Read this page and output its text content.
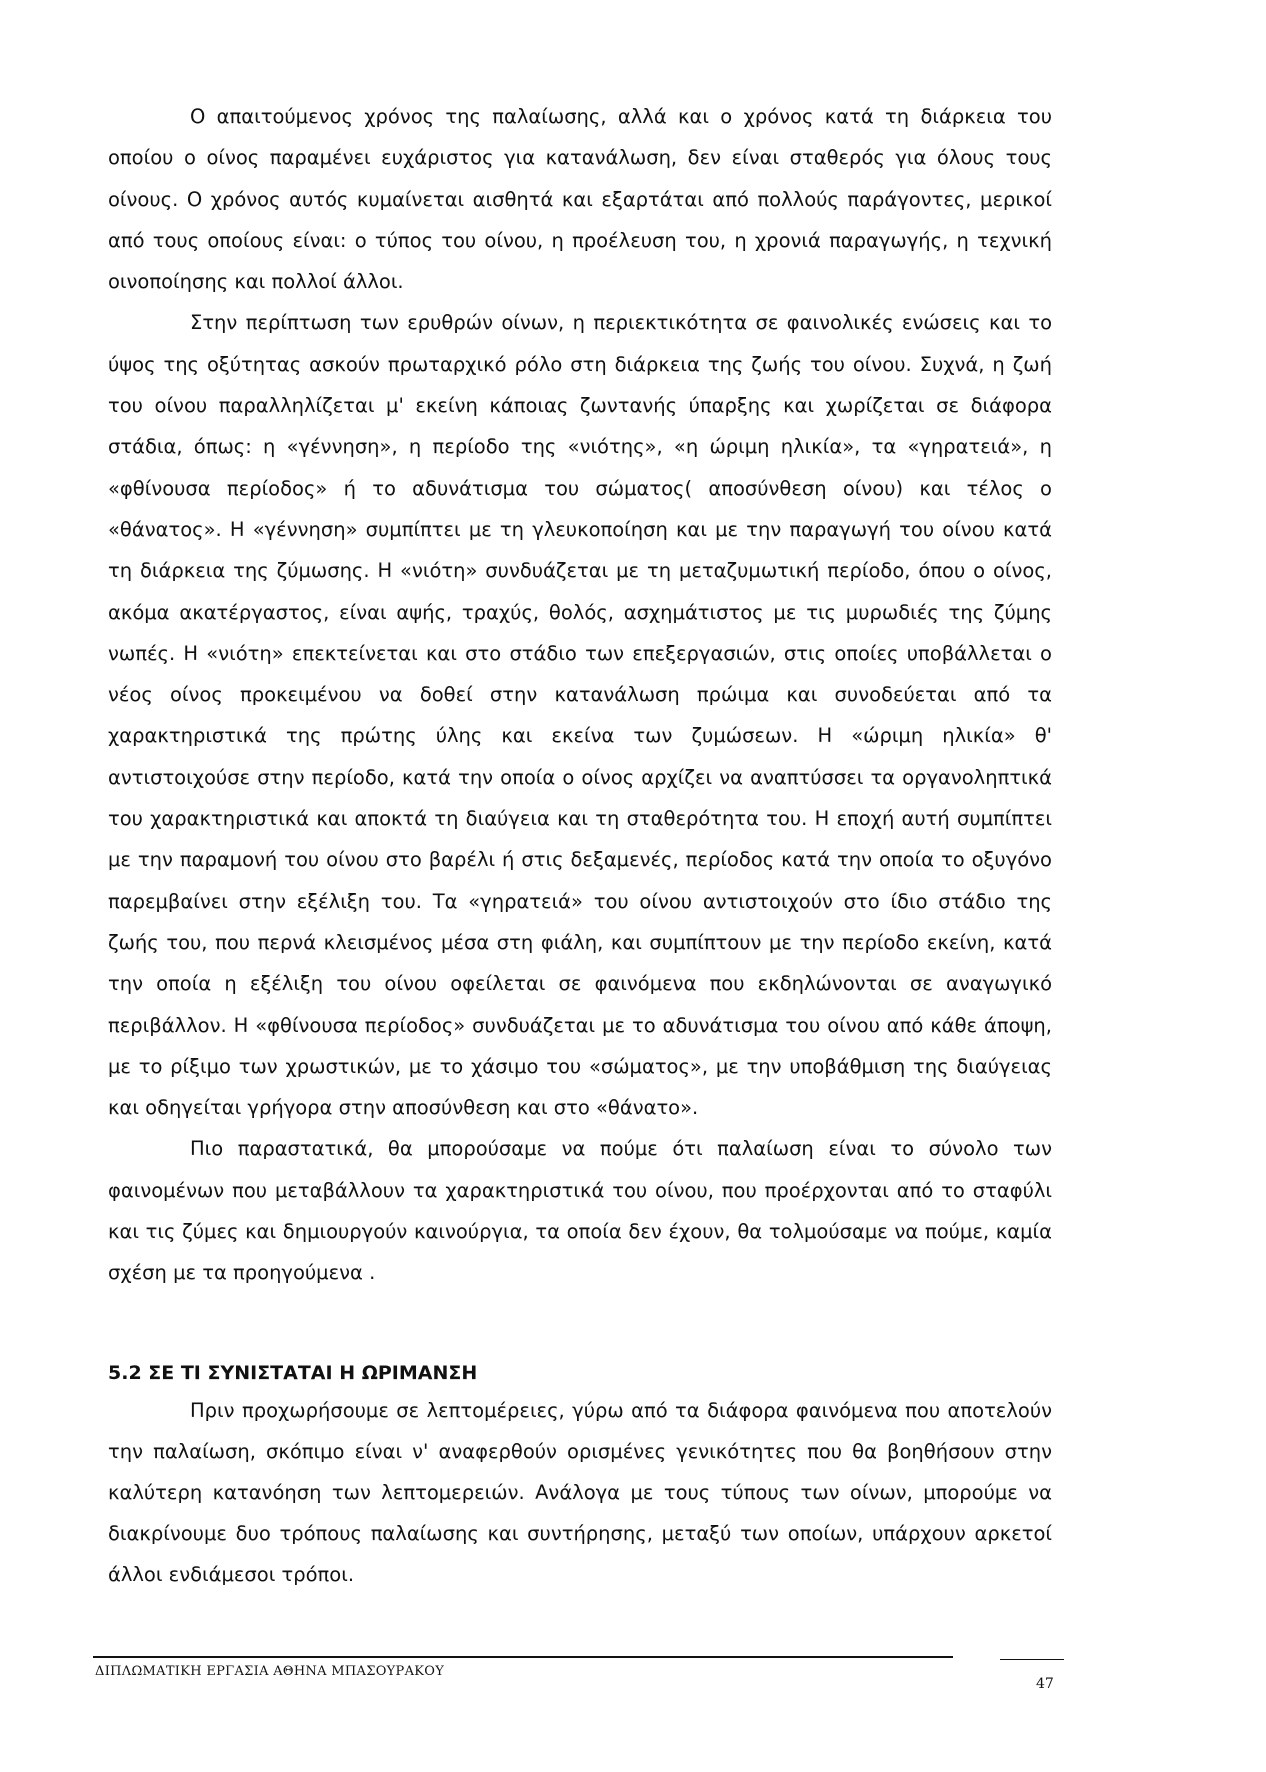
Ο απαιτούμενος χρόνος της παλαίωσης, αλλά και ο χρόνος κατά τη διάρκεια του οποίου ο οίνος παραμένει ευχάριστος για κατανάλωση, δεν είναι σταθερός για όλους τους οίνους. Ο χρόνος αυτός κυμαίνεται αισθητά και εξαρτάται από πολλούς παράγοντες, μερικοί από τους οποίους είναι: ο τύπος του οίνου, η προέλευση του, η χρονιά παραγωγής, η τεχνική οινοποίησης και πολλοί άλλοι.

Στην περίπτωση των ερυθρών οίνων, η περιεκτικότητα σε φαινολικές ενώσεις και το ύψος της οξύτητας ασκούν πρωταρχικό ρόλο στη διάρκεια της ζωής του οίνου. Συχνά, η ζωή του οίνου παραλληλίζεται μ' εκείνη κάποιας ζωντανής ύπαρξης και χωρίζεται σε διάφορα στάδια, όπως: η «γέννηση», η περίοδο της «νιότης», «η ώριμη ηλικία», τα «γηρατειά», η «φθίνουσα περίοδος» ή το αδυνάτισμα του σώματος( αποσύνθεση οίνου) και τέλος ο «θάνατος». Η «γέννηση» συμπίπτει με τη γλευκοποίηση και με την παραγωγή του οίνου κατά τη διάρκεια της ζύμωσης. Η «νιότη» συνδυάζεται με τη μεταζυμωτική περίοδο, όπου ο οίνος, ακόμα ακατέργαστος, είναι αψής, τραχύς, θολός, ασχημάτιστος με τις μυρωδιές της ζύμης νωπές. Η «νιότη» επεκτείνεται και στο στάδιο των επεξεργασιών, στις οποίες υποβάλλεται ο νέος οίνος προκειμένου να δοθεί στην κατανάλωση πρώιμα και συνοδεύεται από τα χαρακτηριστικά της πρώτης ύλης και εκείνα των ζυμώσεων. Η «ώριμη ηλικία» θ' αντιστοιχούσε στην περίοδο, κατά την οποία ο οίνος αρχίζει να αναπτύσσει τα οργανοληπτικά του χαρακτηριστικά και αποκτά τη διαύγεια και τη σταθερότητα του. Η εποχή αυτή συμπίπτει με την παραμονή του οίνου στο βαρέλι ή στις δεξαμενές, περίοδος κατά την οποία το οξυγόνο παρεμβαίνει στην εξέλιξη του. Τα «γηρατειά» του οίνου αντιστοιχούν στο ίδιο στάδιο της ζωής του, που περνά κλεισμένος μέσα στη φιάλη, και συμπίπτουν με την περίοδο εκείνη, κατά την οποία η εξέλιξη του οίνου οφείλεται σε φαινόμενα που εκδηλώνονται σε αναγωγικό περιβάλλον. Η «φθίνουσα περίοδος» συνδυάζεται με το αδυνάτισμα του οίνου από κάθε άποψη, με το ρίξιμο των χρωστικών, με το χάσιμο του «σώματος», με την υποβάθμιση της διαύγειας και οδηγείται γρήγορα στην αποσύνθεση και στο «θάνατο».

Πιο παραστατικά, θα μπορούσαμε να πούμε ότι παλαίωση είναι το σύνολο των φαινομένων που μεταβάλλουν τα χαρακτηριστικά του οίνου, που προέρχονται από το σταφύλι και τις ζύμες και δημιουργούν καινούργια, τα οποία δεν έχουν, θα τολμούσαμε να πούμε, καμία σχέση με τα προηγούμενα .

5.2 ΣΕ ΤΙ ΣΥΝΙΣΤΑΤΑΙ Η ΩΡΙΜΑΝΣΗ

Πριν προχωρήσουμε σε λεπτομέρειες, γύρω από τα διάφορα φαινόμενα που αποτελούν την παλαίωση, σκόπιμο είναι ν' αναφερθούν ορισμένες γενικότητες που θα βοηθήσουν στην καλύτερη κατανόηση των λεπτομερειών. Ανάλογα με τους τύπους των οίνων, μπορούμε να διακρίνουμε δυο τρόπους παλαίωσης και συντήρησης, μεταξύ των οποίων, υπάρχουν αρκετοί άλλοι ενδιάμεσοι τρόποι.

ΔΙΠΛΩΜΑΤΙΚΗ ΕΡΓΑΣΙΑ ΑΘΗΝΑ ΜΠΑΣΟΥΡΑΚΟΥ
47
